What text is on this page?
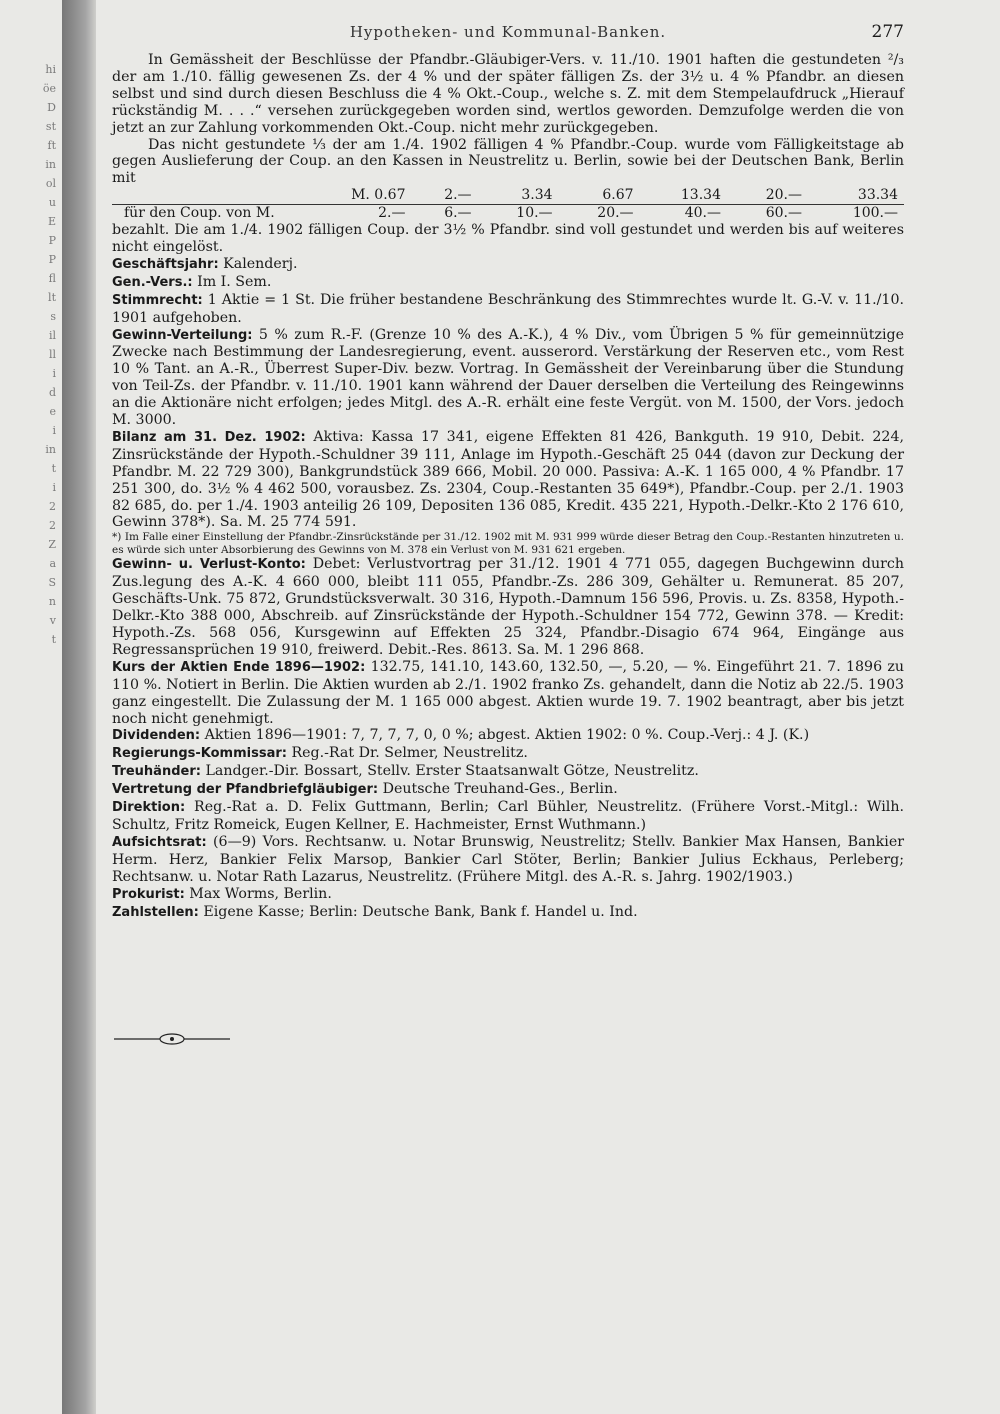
hi
öe
D
st
ft
in
ol
u
E
P
P
fl
lt
s
il
ll
i
d
e
i
in
t
i
2
2
Z
a
S
n
v
t
Hypotheken- und Kommunal-Banken.	277

In Gemässheit der Beschlüsse der Pfandbr.-Gläubiger-Vers. v. 11./10. 1901 haften die gestundeten ²/₃ der am 1./10. fällig gewesenen Zs. der 4 % und der später fälligen Zs. der 3½ u. 4 % Pfandbr. an diesen selbst und sind durch diesen Beschluss die 4 % Okt.-Coup., welche s. Z. mit dem Stempelaufdruck „Hierauf rückständig M. . . .“ versehen zurückgegeben worden sind, wertlos geworden. Demzufolge werden die von jetzt an zur Zahlung vorkommenden Okt.-Coup. nicht mehr zurückgegeben.

Das nicht gestundete ⅓ der am 1./4. 1902 fälligen 4 % Pfandbr.-Coup. wurde vom Fälligkeitstage ab gegen Auslieferung der Coup. an den Kassen in Neustrelitz u. Berlin, sowie bei der Deutschen Bank, Berlin mit

	M. 0.67	2.—	3.34	6.67	13.34	20.—	33.34
für den Coup. von M.	2.—	6.—	10.—	20.—	40.—	60.—	100.—

bezahlt. Die am 1./4. 1902 fälligen Coup. der 3½ % Pfandbr. sind voll gestundet und werden bis auf weiteres nicht eingelöst.

Geschäftsjahr: Kalenderj.

Gen.-Vers.: Im I. Sem.

Stimmrecht: 1 Aktie = 1 St. Die früher bestandene Beschränkung des Stimmrechtes wurde lt. G.-V. v. 11./10. 1901 aufgehoben.

Gewinn-Verteilung: 5 % zum R.-F. (Grenze 10 % des A.-K.), 4 % Div., vom Übrigen 5 % für gemeinnützige Zwecke nach Bestimmung der Landesregierung, event. ausserord. Verstärkung der Reserven etc., vom Rest 10 % Tant. an A.-R., Überrest Super-Div. bezw. Vortrag. In Gemässheit der Vereinbarung über die Stundung von Teil-Zs. der Pfandbr. v. 11./10. 1901 kann während der Dauer derselben die Verteilung des Reingewinns an die Aktionäre nicht erfolgen; jedes Mitgl. des A.-R. erhält eine feste Vergüt. von M. 1500, der Vors. jedoch M. 3000.

Bilanz am 31. Dez. 1902: Aktiva: Kassa 17 341, eigene Effekten 81 426, Bankguth. 19 910, Debit. 224, Zinsrückstände der Hypoth.-Schuldner 39 111, Anlage im Hypoth.-Geschäft 25 044 (davon zur Deckung der Pfandbr. M. 22 729 300), Bankgrundstück 389 666, Mobil. 20 000. Passiva: A.-K. 1 165 000, 4 % Pfandbr. 17 251 300, do. 3½ % 4 462 500, vorausbez. Zs. 2304, Coup.-Restanten 35 649*), Pfandbr.-Coup. per 2./1. 1903 82 685, do. per 1./4. 1903 anteilig 26 109, Depositen 136 085, Kredit. 435 221, Hypoth.-Delkr.-Kto 2 176 610, Gewinn 378*). Sa. M. 25 774 591.

*) Im Falle einer Einstellung der Pfandbr.-Zinsrückstände per 31./12. 1902 mit M. 931 999 würde dieser Betrag den Coup.-Restanten hinzutreten u. es würde sich unter Absorbierung des Gewinns von M. 378 ein Verlust von M. 931 621 ergeben.

Gewinn- u. Verlust-Konto: Debet: Verlustvortrag per 31./12. 1901 4 771 055, dagegen Buchgewinn durch Zus.legung des A.-K. 4 660 000, bleibt 111 055, Pfandbr.-Zs. 286 309, Gehälter u. Remunerat. 85 207, Geschäfts-Unk. 75 872, Grundstücksverwalt. 30 316, Hypoth.-Damnum 156 596, Provis. u. Zs. 8358, Hypoth.-Delkr.-Kto 388 000, Abschreib. auf Zinsrückstände der Hypoth.-Schuldner 154 772, Gewinn 378. — Kredit: Hypoth.-Zs. 568 056, Kursgewinn auf Effekten 25 324, Pfandbr.-Disagio 674 964, Eingänge aus Regressansprüchen 19 910, freiwerd. Debit.-Res. 8613. Sa. M. 1 296 868.

Kurs der Aktien Ende 1896—1902: 132.75, 141.10, 143.60, 132.50, —, 5.20, — %. Eingeführt 21. 7. 1896 zu 110 %. Notiert in Berlin. Die Aktien wurden ab 2./1. 1902 franko Zs. gehandelt, dann die Notiz ab 22./5. 1903 ganz eingestellt. Die Zulassung der M. 1 165 000 abgest. Aktien wurde 19. 7. 1902 beantragt, aber bis jetzt noch nicht genehmigt.

Dividenden: Aktien 1896—1901: 7, 7, 7, 7, 0, 0 %; abgest. Aktien 1902: 0 %. Coup.-Verj.: 4 J. (K.)

Regierungs-Kommissar: Reg.-Rat Dr. Selmer, Neustrelitz.

Treuhänder: Landger.-Dir. Bossart, Stellv. Erster Staatsanwalt Götze, Neustrelitz.

Vertretung der Pfandbriefgläubiger: Deutsche Treuhand-Ges., Berlin.

Direktion: Reg.-Rat a. D. Felix Guttmann, Berlin; Carl Bühler, Neustrelitz. (Frühere Vorst.-Mitgl.: Wilh. Schultz, Fritz Romeick, Eugen Kellner, E. Hachmeister, Ernst Wuthmann.)

Aufsichtsrat: (6—9) Vors. Rechtsanw. u. Notar Brunswig, Neustrelitz; Stellv. Bankier Max Hansen, Bankier Herm. Herz, Bankier Felix Marsop, Bankier Carl Stöter, Berlin; Bankier Julius Eckhaus, Perleberg; Rechtsanw. u. Notar Rath Lazarus, Neustrelitz. (Frühere Mitgl. des A.-R. s. Jahrg. 1902/1903.)

Prokurist: Max Worms, Berlin.

Zahlstellen: Eigene Kasse; Berlin: Deutsche Bank, Bank f. Handel u. Ind.
